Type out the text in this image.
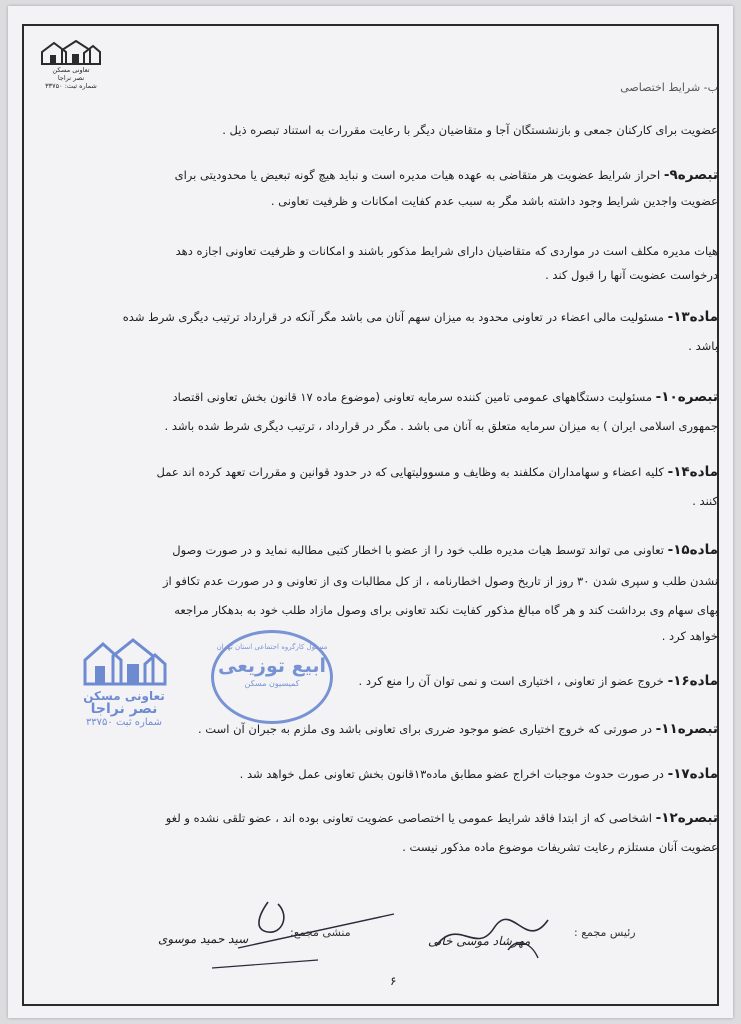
تعاونی مسکن
نصر نراجا
شماره ثبت: ۳۳۷۵۰	ب- شرایط اختصاصی
عضویت برای کارکنان جمعی و بازنشستگان آجا و متقاضیان دیگر با رعایت مقررات به استناد تبصره ذیل .
تبصره۹- احراز شرایط عضویت هر متقاضی به عهده هیات مدیره است و نباید هیچ گونه تبعیض یا محدودیتی برای
عضویت واجدین شرایط وجود داشته باشد مگر به سبب عدم کفایت امکانات و ظرفیت تعاونی .
هیات مدیره مکلف است در مواردی که متقاضیان دارای شرایط مذکور باشند و امکانات و ظرفیت تعاونی اجازه دهد
درخواست عضویت آنها را قبول کند .
ماده۱۳- مسئولیت مالی اعضاء در تعاونی محدود به میزان سهم آنان می باشد مگر آنکه در قرارداد ترتیب دیگری شرط شده
باشد .
تبصره۱۰- مسئولیت دستگاههای عمومی تامین کننده سرمایه تعاونی (موضوع ماده ۱۷ قانون بخش تعاونی اقتصاد
جمهوری اسلامی ایران ) به میزان سرمایه متعلق به آنان می باشد . مگر در قرارداد ، ترتیب دیگری شرط شده باشد .
ماده۱۴- کلیه اعضاء و سهامداران مکلفند به وظایف و مسوولیتهایی که در حدود قوانین و مقررات تعهد کرده اند عمل
کنند .
ماده۱۵- تعاونی می تواند توسط هیات مدیره طلب خود را از عضو با اخطار کتبی مطالبه نماید و در صورت وصول
نشدن طلب و سپری شدن ۳۰ روز از تاریخ وصول اخطارنامه ، از کل مطالبات وی از تعاونی و در صورت عدم تکافو از
بهای سهام وی برداشت کند و هر گاه مبالغ مذکور کفایت نکند تعاونی برای وصول مازاد طلب خود به بدهکار مراجعه
خواهد کرد .
ماده۱۶- خروج عضو از تعاونی ، اختیاری است و نمی توان آن را منع کرد .
تبصره۱۱- در صورتی که خروج اختیاری عضو موجود ضرری برای تعاونی باشد وی ملزم به جبران آن است .
ماده۱۷- در صورت حدوث موجبات اخراج عضو مطابق ماده۱۳قانون بخش تعاونی عمل خواهد شد .
تبصره۱۲- اشخاصی که از ابتدا فاقد شرایط عمومی یا اختصاصی عضویت تعاونی بوده اند ، عضو تلقی نشده و لغو
عضویت آنان مستلزم رعایت تشریفات موضوع ماده مذکور نیست .
تعاونی مسکن
نصر نراجا
شماره ثبت ۳۳۷۵۰
مسئول کارگروه اجتماعی استان تهران
ابیع توزیعی
کمیسیون مسکن
رئیس مجمع :
مهرشاد موسی خانی
منشی مجمع:
سید حمید موسوی
۶
